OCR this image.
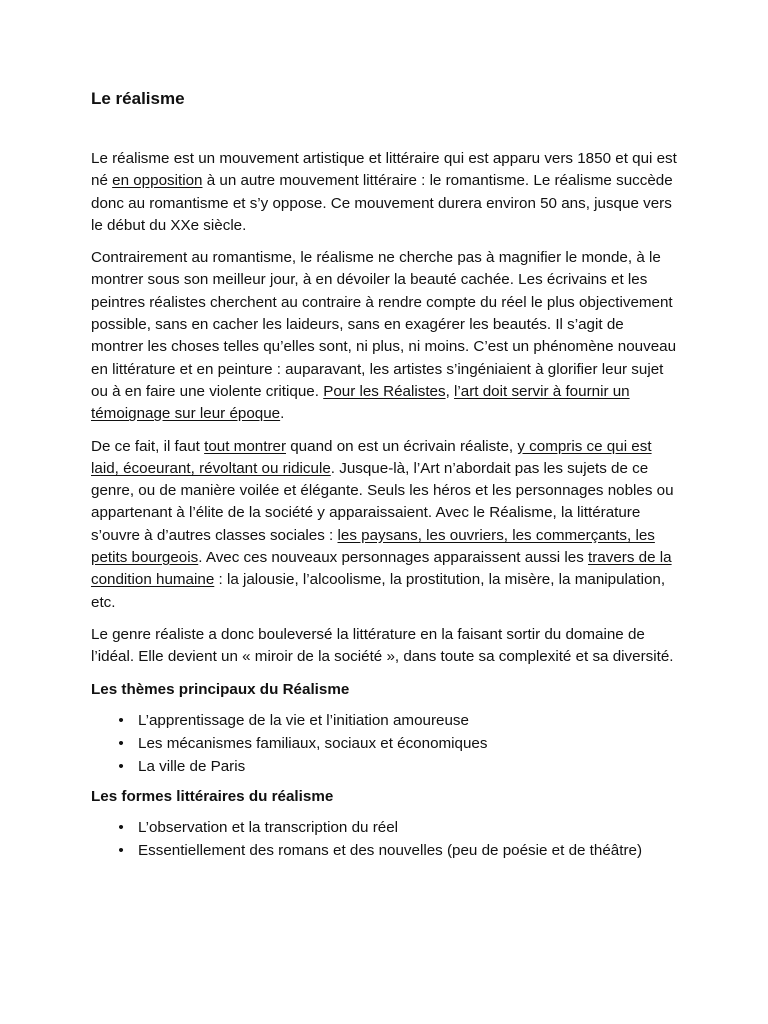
Le réalisme

Le réalisme est un mouvement artistique et littéraire qui est apparu vers 1850 et qui est né en opposition à un autre mouvement littéraire : le romantisme. Le réalisme succède donc au romantisme et s’y oppose. Ce mouvement durera environ 50 ans, jusque vers le début du XXe siècle.

Contrairement au romantisme, le réalisme ne cherche pas à magnifier le monde, à le montrer sous son meilleur jour, à en dévoiler la beauté cachée. Les écrivains et les peintres réalistes cherchent au contraire à rendre compte du réel le plus objectivement possible, sans en cacher les laideurs, sans en exagérer les beautés. Il s’agit de montrer les choses telles qu’elles sont, ni plus, ni moins. C’est un phénomène nouveau en littérature et en peinture : auparavant, les artistes s’ingéniaient à glorifier leur sujet ou à en faire une violente critique. Pour les Réalistes, l’art doit servir à fournir un témoignage sur leur époque.

De ce fait, il faut tout montrer quand on est un écrivain réaliste, y compris ce qui est laid, écoeurant, révoltant ou ridicule. Jusque-là, l’Art n’abordait pas les sujets de ce genre, ou de manière voilée et élégante. Seuls les héros et les personnages nobles ou appartenant à l’élite de la société y apparaissaient. Avec le Réalisme, la littérature s’ouvre à d’autres classes sociales : les paysans, les ouvriers, les commerçants, les petits bourgeois. Avec ces nouveaux personnages apparaissent aussi les travers de la condition humaine : la jalousie, l’alcoolisme, la prostitution, la misère, la manipulation, etc.

Le genre réaliste a donc bouleversé la littérature en la faisant sortir du domaine de l’idéal. Elle devient un « miroir de la société », dans toute sa complexité et sa diversité.

Les thèmes principaux du Réalisme
• L’apprentissage de la vie et l’initiation amoureuse
• Les mécanismes familiaux, sociaux et économiques
• La ville de Paris
Les formes littéraires du réalisme
• L’observation et la transcription du réel
• Essentiellement des romans et des nouvelles (peu de poésie et de théâtre)
